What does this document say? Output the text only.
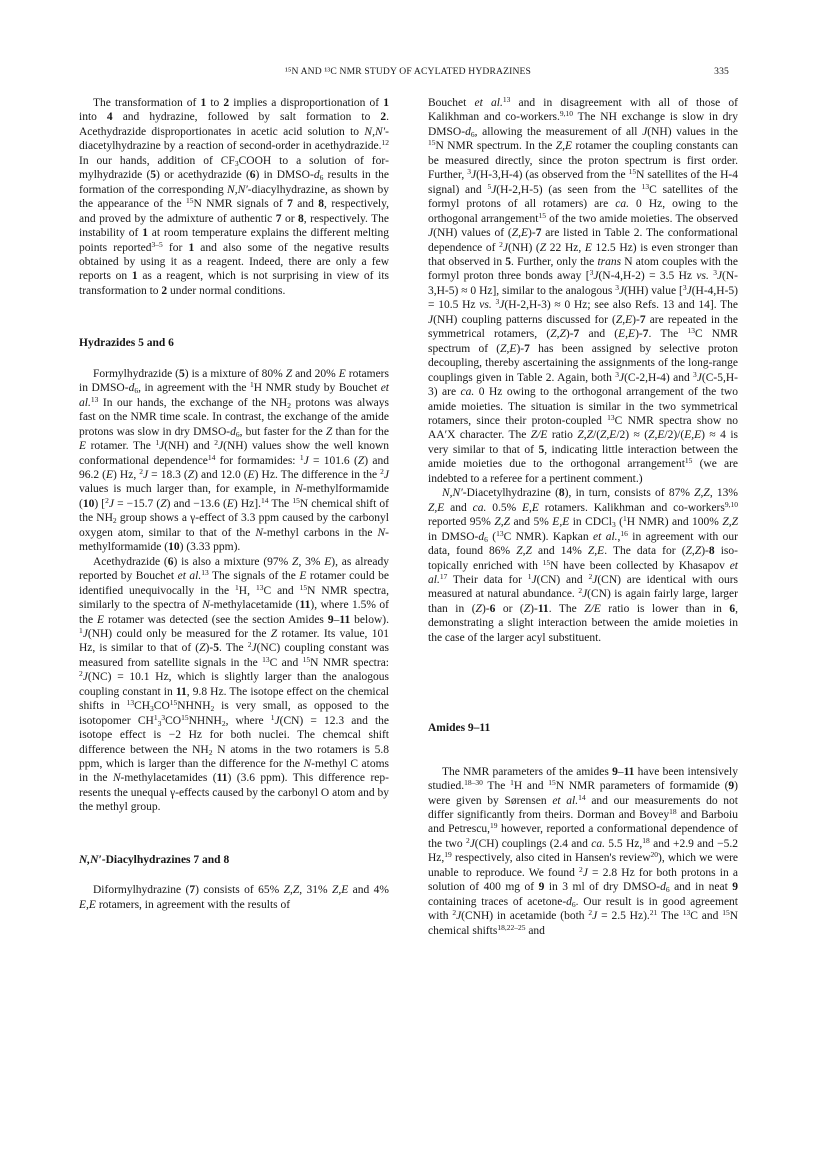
¹⁵N AND ¹³C NMR STUDY OF ACYLATED HYDRAZINES	335

The transformation of 1 to 2 implies a disproportionation of 1 into 4 and hydrazine, followed by salt formation to 2. Acethydrazide disproportionates in acetic acid solution to N,N′-diacetylhydrazine by a reaction of second-order in acethydrazide.$^{12}$ In our hands, addition of $CF_3COOH$ to a solution of formylhydrazide (5) or acethydrazide (6) in DMSO-$d_6$ results in the formation of the corresponding N,N′-diacylhydrazine, as shown by the appearance of the $^{15}$N NMR signals of 7 and 8, respectively, and proved by the admixture of authentic 7 or 8, respectively. The instability of 1 at room temperature explains the different melting points reported$^{3-5}$ for 1 and also some of the negative results obtained by using it as a reagent. Indeed, there are only a few reports on 1 as a reagent, which is not surprising in view of its transformation to 2 under normal conditions.

Hydrazides 5 and 6

Formylhydrazide (5) is a mixture of 80% Z and 20% E rotamers in DMSO-$d_6$, in agreement with the $^1$H NMR study by Bouchet et al.$^{13}$ In our hands, the exchange of the $NH_2$ protons was always fast on the NMR time scale. In contrast, the exchange of the amide protons was slow in dry DMSO-$d_6$, but faster for the Z than for the E rotamer. The $^1$J(NH) and $^2$J(NH) values show the well known conformational dependence$^{14}$ for formamides: $^1$J = 101.6 (Z) and 96.2 (E) Hz, $^2$J = 18.3 (Z) and 12.0 (E) Hz. The difference in the $^2$J values is much larger than, for example, in N-methylformamide (10) [$^2$J = −15.7 (Z) and −13.6 (E) Hz].$^{14}$ The $^{15}$N chemical shift of the $NH_2$ group shows a γ-effect of 3.3 ppm caused by the carbonyl oxygen atom, similar to that of the N-methyl carbons in the N-methylformamide (10) (3.33 ppm).

Acethydrazide (6) is also a mixture (97% Z, 3% E), as already reported by Bouchet et al.$^{13}$ The signals of the E rotamer could be identified unequivocally in the $^1$H, $^{13}$C and $^{15}$N NMR spectra, similarly to the spectra of N-methylacetamide (11), where 1.5% of the E rotamer was detected (see the section Amides 9–11 below). $^1$J(NH) could only be measured for the Z rotamer. Its value, 101 Hz, is similar to that of (Z)-5. The $^2$J(NC) coupling constant was measured from satellite signals in the $^{13}$C and $^{15}$N NMR spectra: $^2$J(NC) = 10.1 Hz, which is slightly larger than the analogous coupling constant in 11, 9.8 Hz. The isotope effect on the chemical shifts in $^{13}CH_3CO^{15}NHNH_2$ is very small, as opposed to the isotopomer $CH^1_3^3CO^{15}NHNH_2$, where $^1$J(CN) = 12.3 and the isotope effect is −2 Hz for both nuclei. The chemcal shift difference between the $NH_2$ N atoms in the two rotamers is 5.8 ppm, which is larger than the difference for the N-methyl C atoms in the N-methylacetamides (11) (3.6 ppm). This difference represents the unequal γ-effects caused by the carbonyl O atom and by the methyl group.

N,N′-Diacylhydrazines 7 and 8

Diformylhydrazine (7) consists of 65% Z,Z, 31% Z,E and 4% E,E rotamers, in agreement with the results of

Bouchet et al.$^{13}$ and in disagreement with all of those of Kalikhman and co-workers.$^{9,10}$ The NH exchange is slow in dry DMSO-$d_6$, allowing the measurement of all J(NH) values in the $^{15}$N NMR spectrum. In the Z,E rotamer the coupling constants can be measured directly, since the proton spectrum is first order. Further, $^3$J(H-3,H-4) (as observed from the $^{15}$N satellites of the H-4 signal) and $^5$J(H-2,H-5) (as seen from the $^{13}$C satellites of the formyl protons of all rotamers) are ca. 0 Hz, owing to the orthogonal arrangement$^{15}$ of the two amide moieties. The observed J(NH) values of (Z,E)-7 are listed in Table 2. The conformational dependence of $^2$J(NH) (Z 22 Hz, E 12.5 Hz) is even stronger than that observed in 5. Further, only the trans N atom couples with the formyl proton three bonds away [$^3$J(N-4,H-2) = 3.5 Hz vs. $^3$J(N-3,H-5) ≈ 0 Hz], similar to the analogous $^3$J(HH) value [$^3$J(H-4,H-5) = 10.5 Hz vs. $^3$J(H-2,H-3) ≈ 0 Hz; see also Refs. 13 and 14]. The J(NH) coupling patterns discussed for (Z,E)-7 are repeated in the symmetrical rotamers, (Z,Z)-7 and (E,E)-7. The $^{13}$C NMR spectrum of (Z,E)-7 has been assigned by selective proton decoupling, thereby ascertaining the assignments of the long-range couplings given in Table 2. Again, both $^3$J(C-2,H-4) and $^3$J(C-5,H-3) are ca. 0 Hz owing to the orthogonal arrangement of the two amide moieties. The situation is similar in the two symmetrical rotamers, since their proton-coupled $^{13}$C NMR spectra show no AA′X character. The Z/E ratio Z,Z/(Z,E/2) ≈ (Z,E/2)/(E,E) ≈ 4 is very similar to that of 5, indicating little interaction between the amide moieties due to the orthogonal arrangement$^{15}$ (we are indebted to a referee for a pertinent comment.)

N,N′-Diacetylhydrazine (8), in turn, consists of 87% Z,Z, 13% Z,E and ca. 0.5% E,E rotamers. Kalikhman and co-workers$^{9,10}$ reported 95% Z,Z and 5% E,E in CDCl$_3$ ($^1$H NMR) and 100% Z,Z in DMSO-$d_6$ ($^{13}$C NMR). Kapkan et al.,$^{16}$ in agreement with our data, found 86% Z,Z and 14% Z,E. The data for (Z,Z)-8 isotopically enriched with $^{15}$N have been collected by Khasapov et al.$^{17}$ Their data for $^1$J(CN) and $^2$J(CN) are identical with ours measured at natural abundance. $^2$J(CN) is again fairly large, larger than in (Z)-6 or (Z)-11. The Z/E ratio is lower than in 6, demonstrating a slight interaction between the amide moieties in the case of the larger acyl substituent.

Amides 9–11

The NMR parameters of the amides 9–11 have been intensively studied.$^{18-30}$ The $^1$H and $^{15}$N NMR parameters of formamide (9) were given by Sørensen et al.$^{14}$ and our measurements do not differ significantly from theirs. Dorman and Bovey$^{18}$ and Barboiu and Petrescu,$^{19}$ however, reported a conformational dependence of the two $^2$J(CH) couplings (2.4 and ca. 5.5 Hz,$^{18}$ and +2.9 and −5.2 Hz,$^{19}$ respectively, also cited in Hansen's review$^{20}$), which we were unable to reproduce. We found $^2$J = 2.8 Hz for both protons in a solution of 400 mg of 9 in 3 ml of dry DMSO-$d_6$ and in neat 9 containing traces of acetone-$d_6$. Our result is in good agreement with $^2$J(CNH) in acetamide (both $^2$J = 2.5 Hz).$^{21}$ The $^{13}$C and $^{15}$N chemical shifts$^{18,22-25}$ and
